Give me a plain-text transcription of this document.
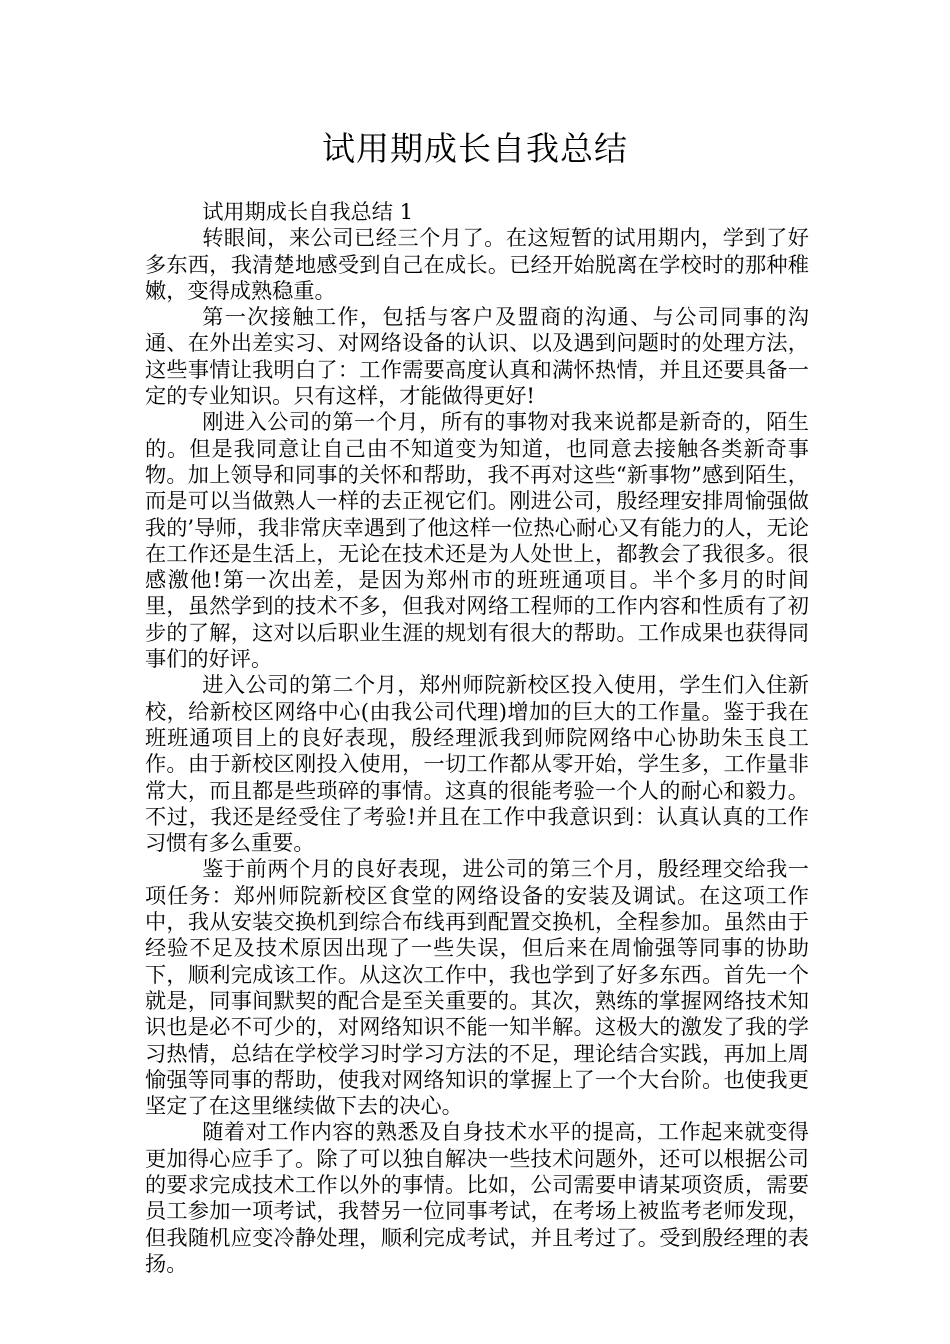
试用期成长自我总结

试用期成长自我总结 1

转眼间，来公司已经三个月了。在这短暂的试用期内，学到了好多东西，我清楚地感受到自己在成长。已经开始脱离在学校时的那种稚嫩，变得成熟稳重。

第一次接触工作，包括与客户及盟商的沟通、与公司同事的沟通、在外出差实习、对网络设备的认识、以及遇到问题时的处理方法，这些事情让我明白了：工作需要高度认真和满怀热情，并且还要具备一定的专业知识。只有这样，才能做得更好!

刚进入公司的第一个月，所有的事物对我来说都是新奇的，陌生的。但是我同意让自己由不知道变为知道，也同意去接触各类新奇事物。加上领导和同事的关怀和帮助，我不再对这些“新事物”感到陌生，而是可以当做熟人一样的去正视它们。刚进公司，殷经理安排周愉强做我的’导师，我非常庆幸遇到了他这样一位热心耐心又有能力的人，无论在工作还是生活上，无论在技术还是为人处世上，都教会了我很多。很感激他!第一次出差，是因为郑州市的班班通项目。半个多月的时间里，虽然学到的技术不多，但我对网络工程师的工作内容和性质有了初步的了解，这对以后职业生涯的规划有很大的帮助。工作成果也获得同事们的好评。

进入公司的第二个月，郑州师院新校区投入使用，学生们入住新校，给新校区网络中心(由我公司代理)增加的巨大的工作量。鉴于我在班班通项目上的良好表现，殷经理派我到师院网络中心协助朱玉良工作。由于新校区刚投入使用，一切工作都从零开始，学生多，工作量非常大，而且都是些琐碎的事情。这真的很能考验一个人的耐心和毅力。不过，我还是经受住了考验!并且在工作中我意识到：认真认真的工作习惯有多么重要。

鉴于前两个月的良好表现，进公司的第三个月，殷经理交给我一项任务：郑州师院新校区食堂的网络设备的安装及调试。在这项工作中，我从安装交换机到综合布线再到配置交换机，全程参加。虽然由于经验不足及技术原因出现了一些失误，但后来在周愉强等同事的协助下，顺利完成该工作。从这次工作中，我也学到了好多东西。首先一个就是，同事间默契的配合是至关重要的。其次，熟练的掌握网络技术知识也是必不可少的，对网络知识不能一知半解。这极大的激发了我的学习热情，总结在学校学习时学习方法的不足，理论结合实践，再加上周愉强等同事的帮助，使我对网络知识的掌握上了一个大台阶。也使我更坚定了在这里继续做下去的决心。

随着对工作内容的熟悉及自身技术水平的提高，工作起来就变得更加得心应手了。除了可以独自解决一些技术问题外，还可以根据公司的要求完成技术工作以外的事情。比如，公司需要申请某项资质，需要员工参加一项考试，我替另一位同事考试，在考场上被监考老师发现，但我随机应变冷静处理，顺利完成考试，并且考过了。受到殷经理的表扬。
